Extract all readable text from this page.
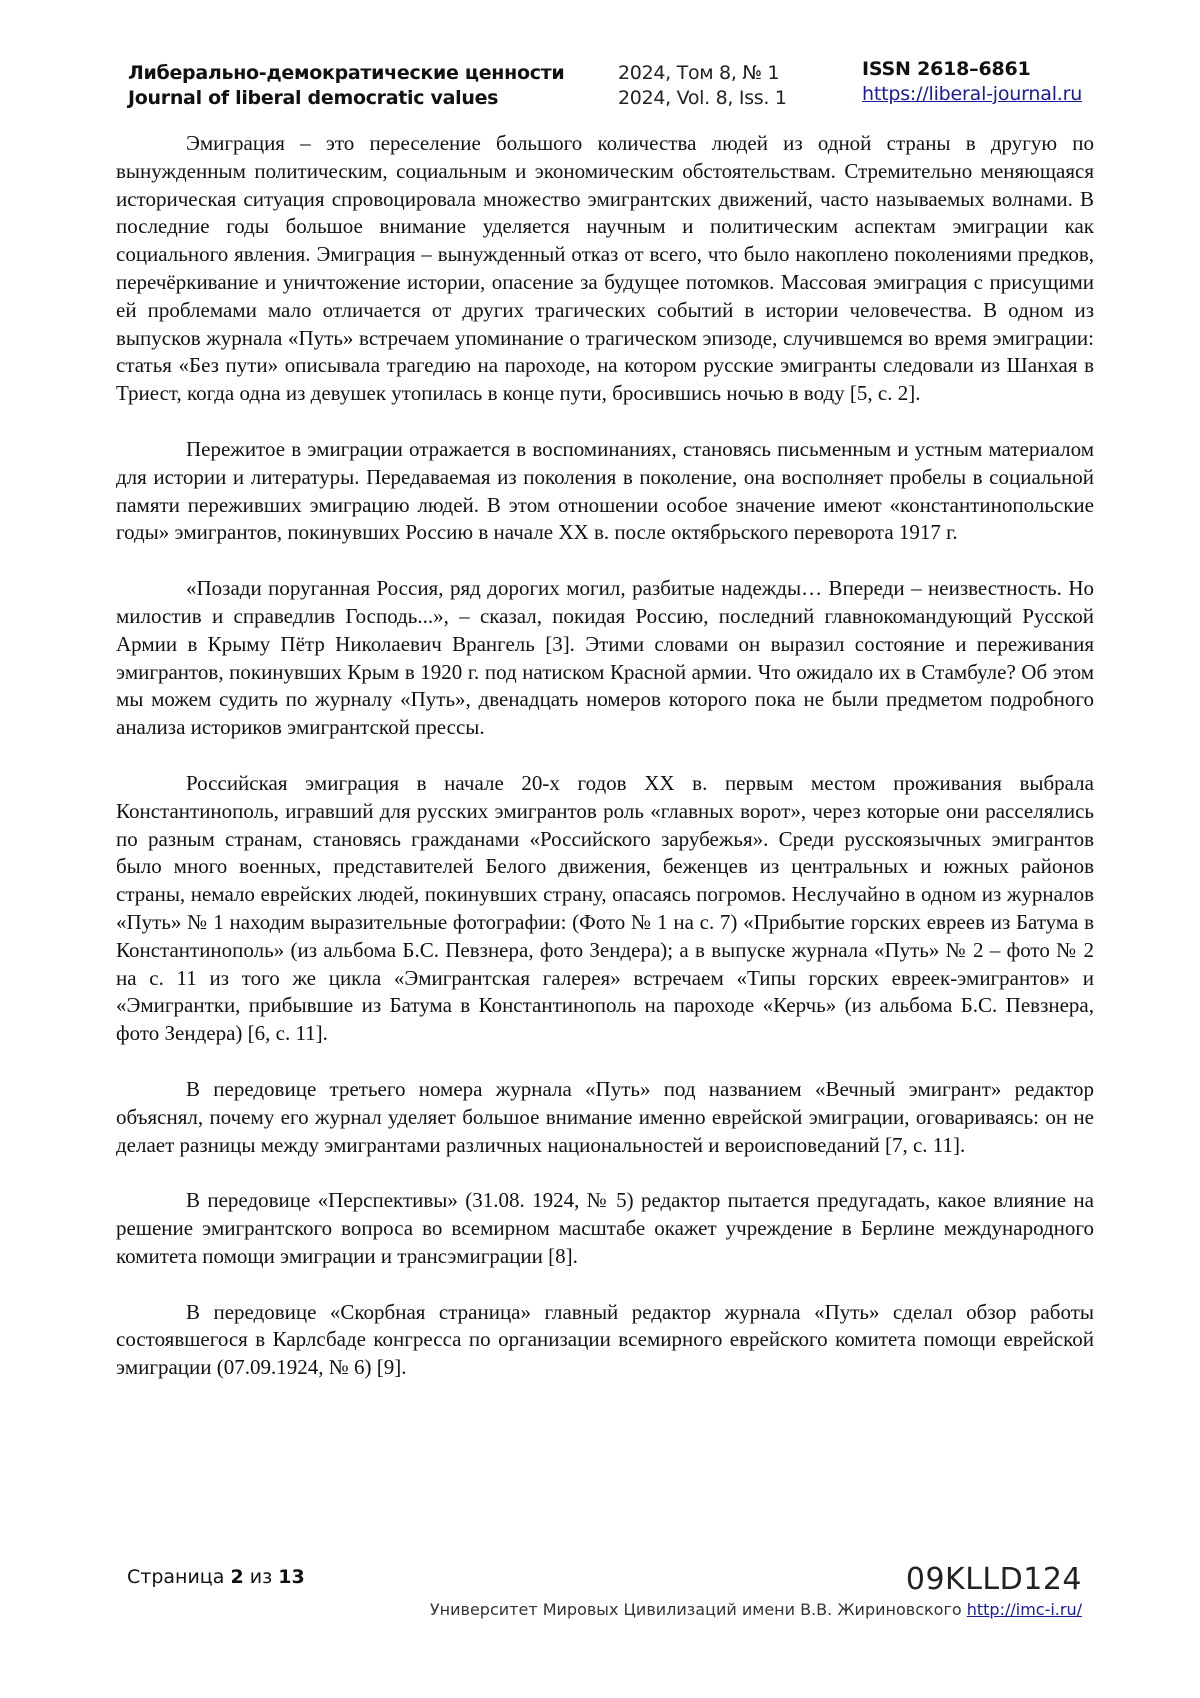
Либерально-демократические ценности
Journal of liberal democratic values
2024, Том 8, № 1
2024, Vol. 8, Iss. 1
ISSN 2618–6861
https://liberal-journal.ru

Эмиграция – это переселение большого количества людей из одной страны в другую по вынужденным политическим, социальным и экономическим обстоятельствам. Стремительно меняющаяся историческая ситуация спровоцировала множество эмигрантских движений, часто называемых волнами. В последние годы большое внимание уделяется научным и политическим аспектам эмиграции как социального явления. Эмиграция – вынужденный отказ от всего, что было накоплено поколениями предков, перечёркивание и уничтожение истории, опасение за будущее потомков. Массовая эмиграция с присущими ей проблемами мало отличается от других трагических событий в истории человечества. В одном из выпусков журнала «Путь» встречаем упоминание о трагическом эпизоде, случившемся во время эмиграции: статья «Без пути» описывала трагедию на пароходе, на котором русские эмигранты следовали из Шанхая в Триест, когда одна из девушек утопилась в конце пути, бросившись ночью в воду [5, с. 2].

Пережитое в эмиграции отражается в воспоминаниях, становясь письменным и устным материалом для истории и литературы. Передаваемая из поколения в поколение, она восполняет пробелы в социальной памяти переживших эмиграцию людей. В этом отношении особое значение имеют «константинопольские годы» эмигрантов, покинувших Россию в начале XX в. после октябрьского переворота 1917 г.

«Позади поруганная Россия, ряд дорогих могил, разбитые надежды… Впереди – неизвестность. Но милостив и справедлив Господь...», – сказал, покидая Россию, последний главнокомандующий Русской Армии в Крыму Пётр Николаевич Врангель [3]. Этими словами он выразил состояние и переживания эмигрантов, покинувших Крым в 1920 г. под натиском Красной армии. Что ожидало их в Стамбуле? Об этом мы можем судить по журналу «Путь», двенадцать номеров которого пока не были предметом подробного анализа историков эмигрантской прессы.

Российская эмиграция в начале 20-х годов XX в. первым местом проживания выбрала Константинополь, игравший для русских эмигрантов роль «главных ворот», через которые они расселялись по разным странам, становясь гражданами «Российского зарубежья». Среди русскоязычных эмигрантов было много военных, представителей Белого движения, беженцев из центральных и южных районов страны, немало еврейских людей, покинувших страну, опасаясь погромов. Неслучайно в одном из журналов «Путь» № 1 находим выразительные фотографии: (Фото № 1 на с. 7) «Прибытие горских евреев из Батума в Константинополь» (из альбома Б.С. Певзнера, фото Зендера); а в выпуске журнала «Путь» № 2 – фото № 2 на с. 11 из того же цикла «Эмигрантская галерея» встречаем «Типы горских евреек-эмигрантов» и «Эмигрантки, прибывшие из Батума в Константинополь на пароходе «Керчь» (из альбома Б.С. Певзнера, фото Зендера) [6, с. 11].

В передовице третьего номера журнала «Путь» под названием «Вечный эмигрант» редактор объяснял, почему его журнал уделяет большое внимание именно еврейской эмиграции, оговариваясь: он не делает разницы между эмигрантами различных национальностей и вероисповеданий [7, с. 11].

В передовице «Перспективы» (31.08. 1924, № 5) редактор пытается предугадать, какое влияние на решение эмигрантского вопроса во всемирном масштабе окажет учреждение в Берлине международного комитета помощи эмиграции и трансэмиграции [8].

В передовице «Скорбная страница» главный редактор журнала «Путь» сделал обзор работы состоявшегося в Карлсбаде конгресса по организации всемирного еврейского комитета помощи еврейской эмиграции (07.09.1924, № 6) [9].

Страница 2 из 13	09KLLD124
Университет Мировых Цивилизаций имени В.В. Жириновского http://imc-i.ru/
